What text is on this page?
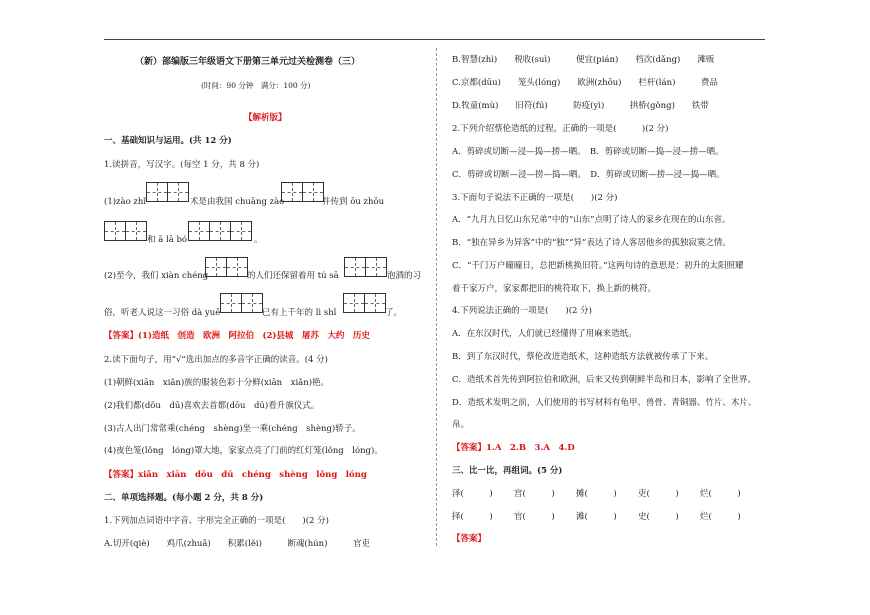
（新）部编版三年级语文下册第三单元过关检测卷（三）
(时间：90 分钟　满分：100 分)
【解析版】
一、基础知识与运用。(共 12 分)
1.读拼音，写汉字。(每空 1 分，共 8 分)
(1)zào zhǐ	术是由我国 chuāng zào	并传到 ōu zhōu
和 ā lā bó	。
(2)至今，我们 xiàn chéng	的人们还保留着用 tú sā	泡酒的习
俗，听老人说这一习俗 dà yuē	已有上千年的 lì shǐ	了。
【答案】(1)造纸　创造　欧洲　阿拉伯　(2)县城　屠苏　大约　历史
2.读下面句子，用“√”选出加点的多音字正确的读音。(4 分)
(1)朝鲜(xiān　xiǎn)族的服装色彩十分鲜(xiān　xiǎn)艳。
(2)我们都(dōu　dū)喜欢去首都(dōu　dū)看升旗仪式。
(3)古人出门常常乘(chéng　shèng)坐一乘(chéng　shèng)轿子。
(4)夜色笼(lǒng　lóng)罩大地，家家点亮了门前的红灯笼(lǒng　lóng)。
【答案】xiǎn　xiān　dōu　dū　chéng　shèng　lǒng　lóng
二、单项选择题。(每小题 2 分，共 8 分)
1.下列加点词语中字音、字形完全正确的一项是(　　)(2 分)
A.切开(qiè)　　鸡爪(zhuǎ)　　积累(lěi)　　　断魂(hún)　　　官吏
B.智慧(zhì)　　税收(suì)　　　便宜(pián)　　档次(dǎng)　　滩贩
C.京都(dūu)　　笼头(lóng)　　欧洲(zhōu)　　栏杆(lán)　　　费品
D.牧童(mù)　　旧符(fú)　　　防疫(yì)　　　拱桥(gǒng)　　铁带
2.下列介绍蔡伦造纸的过程，正确的一项是(　　　)(2 分)
A．剪碎或切断—浸—捣—捞—晒。　B．剪碎或切断—捣—浸—捞—晒。
C．剪碎或切断—浸—捞—捣—晒。　D．剪碎或切断—捞—浸—捣—晒。
3.下面句子说法不正确的一项是(　　)(2 分)
A．“九月九日忆山东兄弟”中的“山东”点明了诗人的家乡在现在的山东省。
B．“独在异乡为异客”中的“独”“异”表达了诗人客居他乡的孤独寂寞之情。
C．“千门万户曈曈日，总把新桃换旧符。”这两句诗的意思是：初升的太阳照耀
着千家万户，家家都把旧的桃符取下，换上新的桃符。
4.下列说法正确的一项是(　　)(2 分)
A．在东汉时代，人们就已经懂得了用麻来造纸。
B．到了东汉时代，蔡伦改进造纸术，这种造纸方法就被传承了下来。
C．造纸术首先传到阿拉伯和欧洲，后来又传到朝鲜半岛和日本，影响了全世界。
D．造纸术发明之前，人们使用的书写材料有龟甲、兽骨、青铜器、竹片、木片、
帛。
【答案】1.A　2.B　3.A　4.D
三、比一比，再组词。(5 分)
泽(　　　)	宫(　　　)	摊(　　　)	吏(　　　)	烂(　　　)
择(　　　)	官(　　　)	滩(　　　)	史(　　　)	烂(　　　)
【答案】
